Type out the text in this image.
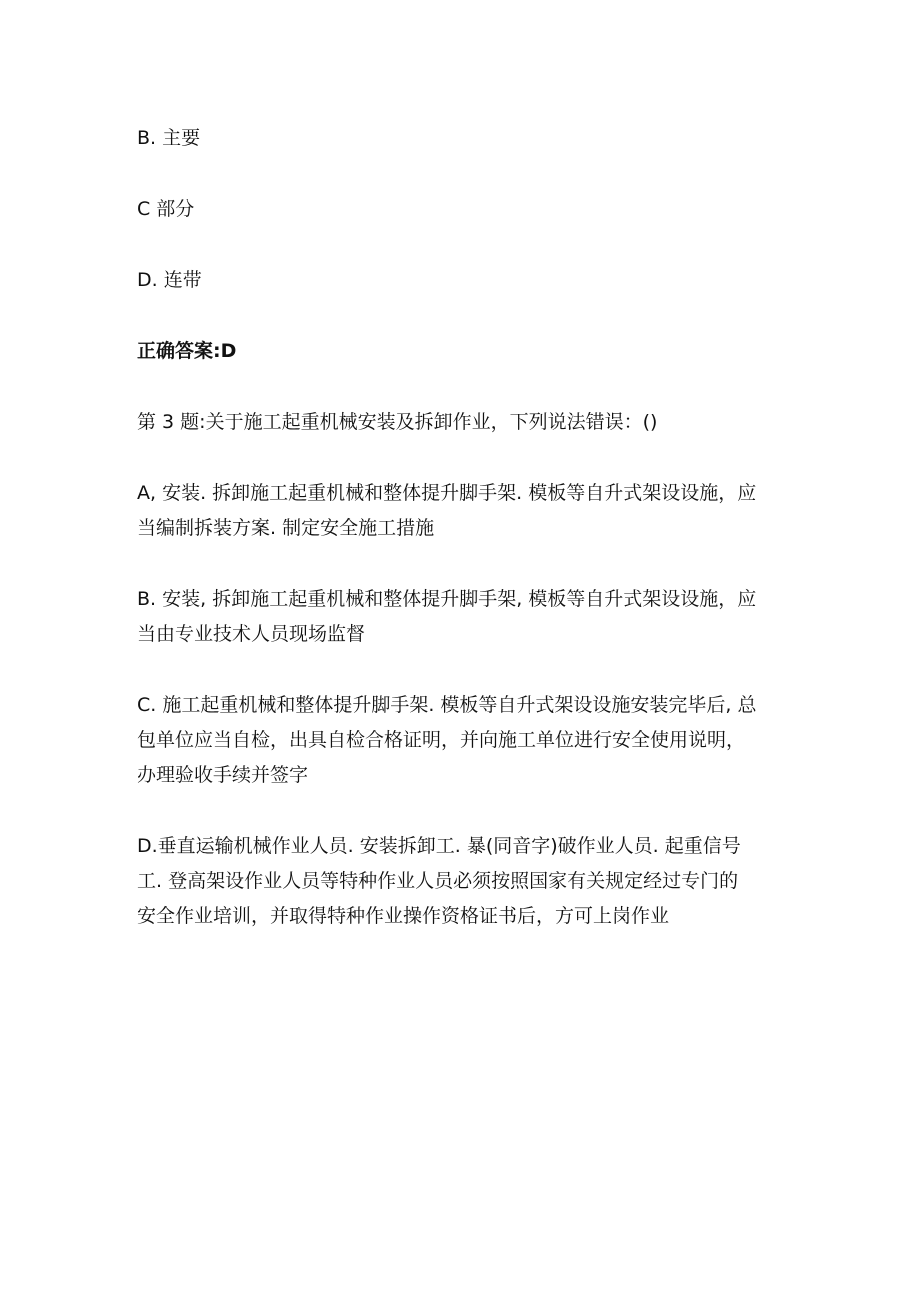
B. 主要

C 部分

D. 连带

正确答案:D

第 3 题:关于施工起重机械安装及拆卸作业，下列说法错误：()

A, 安装. 拆卸施工起重机械和整体提升脚手架. 模板等自升式架设设施，应
当编制拆装方案. 制定安全施工措施
B. 安装, 拆卸施工起重机械和整体提升脚手架, 模板等自升式架设设施，应
当由专业技术人员现场监督
C. 施工起重机械和整体提升脚手架. 模板等自升式架设设施安装完毕后, 总
包单位应当自检，出具自检合格证明，并向施工单位进行安全使用说明，
办理验收手续并签字
D.垂直运输机械作业人员. 安装拆卸工. 暴(同音字)破作业人员. 起重信号
工. 登高架设作业人员等特种作业人员必须按照国家有关规定经过专门的
安全作业培训，并取得特种作业操作资格证书后，方可上岗作业
